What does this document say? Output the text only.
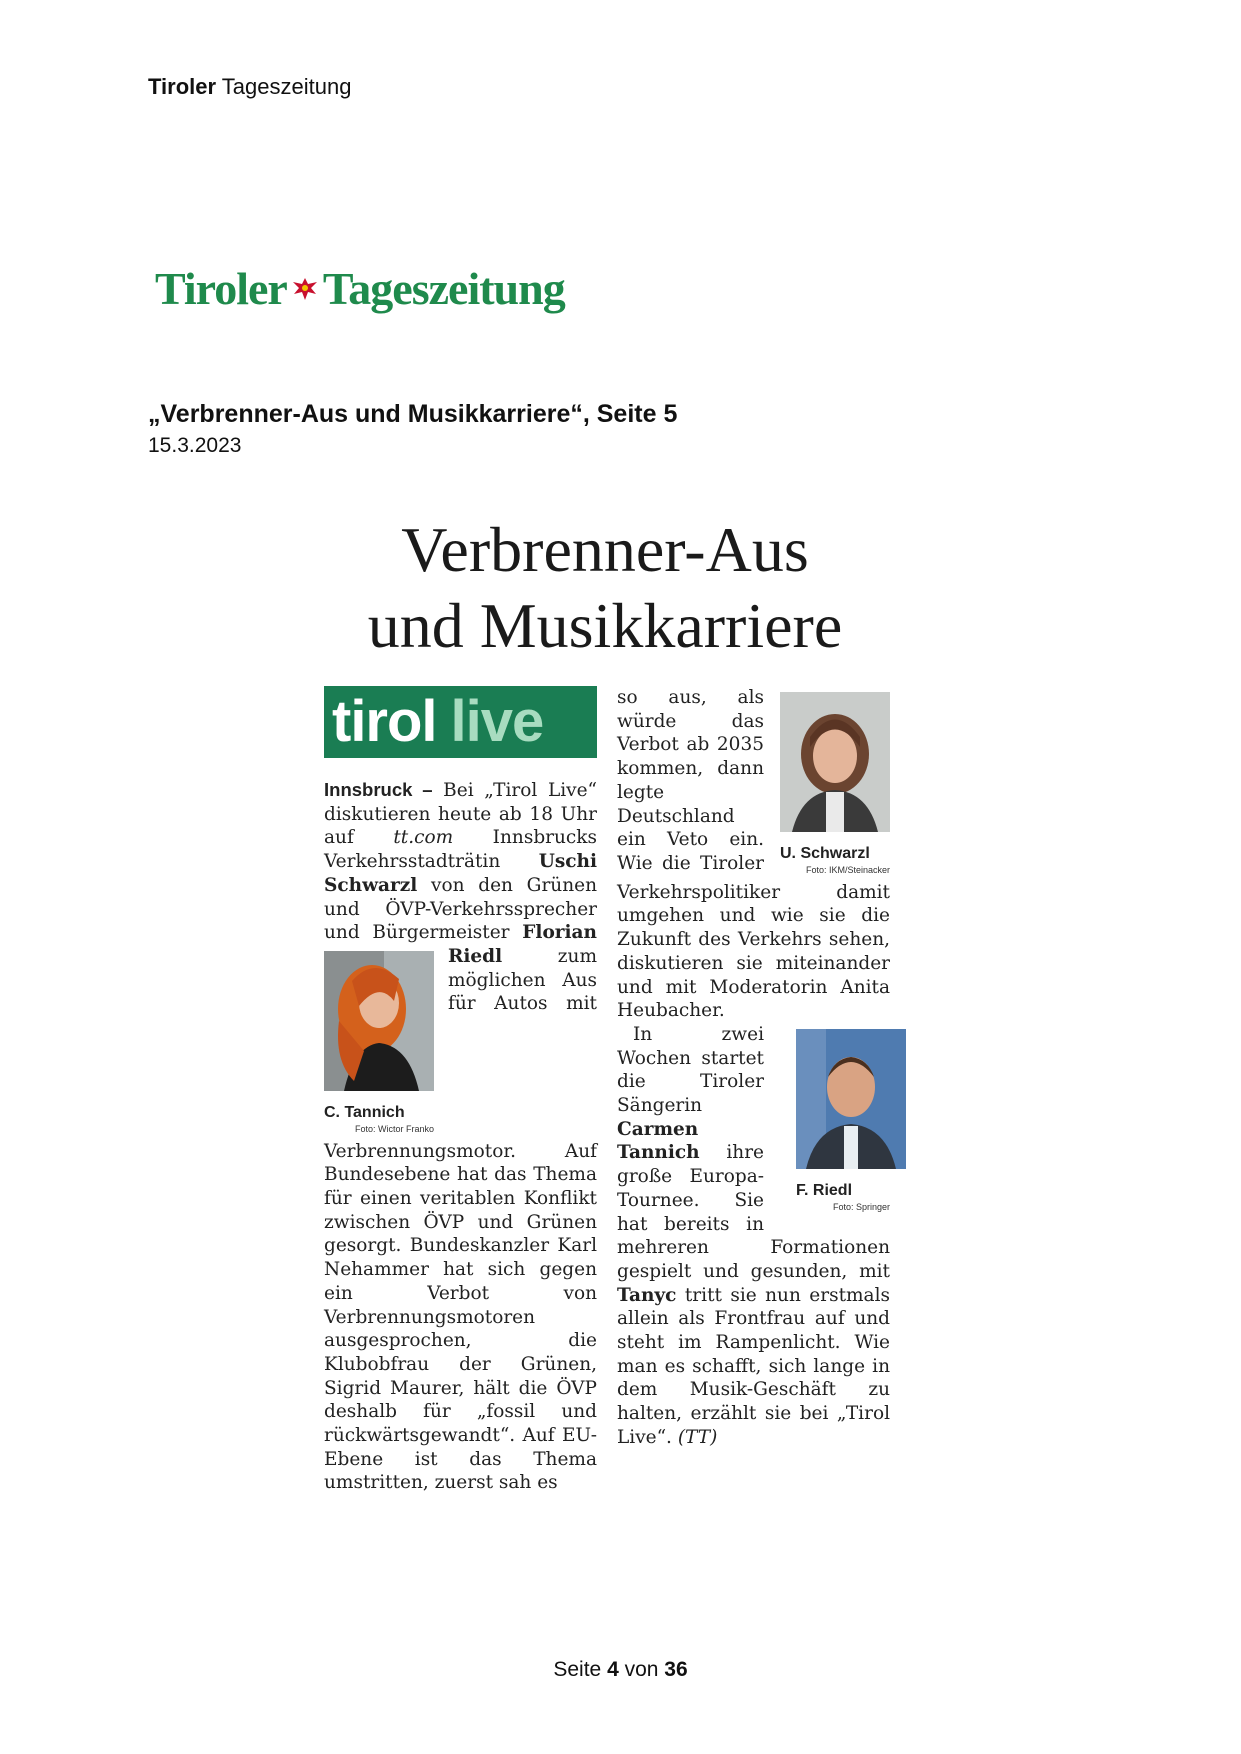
Tiroler Tageszeitung
Tiroler Tageszeitung
„Verbrenner-Aus und Musikkarriere“, Seite 5
15.3.2023
Verbrenner-Aus
und Musikkarriere
tirol live

Innsbruck – Bei „Tirol Live“ diskutieren heute ab 18 Uhr auf tt.com Innsbrucks Verkehrsstadträtin Uschi Schwarzl von den Grünen und ÖVP-Verkehrssprecher und Bürgermeister Florian Riedl
C. Tannich
Foto: Wictor Franko
zum möglichen Aus für Autos mit Verbrennungsmotor. Auf Bundesebene hat das Thema für einen veritablen Konflikt zwischen ÖVP und Grünen gesorgt. Bundeskanzler Karl Nehammer hat sich gegen ein Verbot von Verbrennungsmotoren ausgesprochen, die Klubobfrau der Grünen, Sigrid Maurer, hält die ÖVP deshalb für „fossil und rückwärtsgewandt“. Auf EU-Ebene ist das Thema umstritten, zuerst sah es

U. Schwarzl
Foto: IKM/Steinacker
so aus, als würde das Verbot ab 2035 kommen, dann legte Deutschland ein Veto ein. Wie die Tiroler Verkehrspolitiker damit umgehen und wie sie die Zukunft des Verkehrs sehen, diskutieren sie miteinander und mit Moderatorin Anita Heubacher.

F. Riedl
Foto: Springer
In zwei Wochen startet die Tiroler Sängerin Carmen Tannich ihre große Europa-Tournee. Sie hat bereits in mehreren Formationen gespielt und gesunden, mit Tanyc tritt sie nun erstmals allein als Frontfrau auf und steht im Rampenlicht. Wie man es schafft, sich lange in dem Musik-Geschäft zu halten, erzählt sie bei „Tirol Live“. (TT)

Seite 4 von 36
